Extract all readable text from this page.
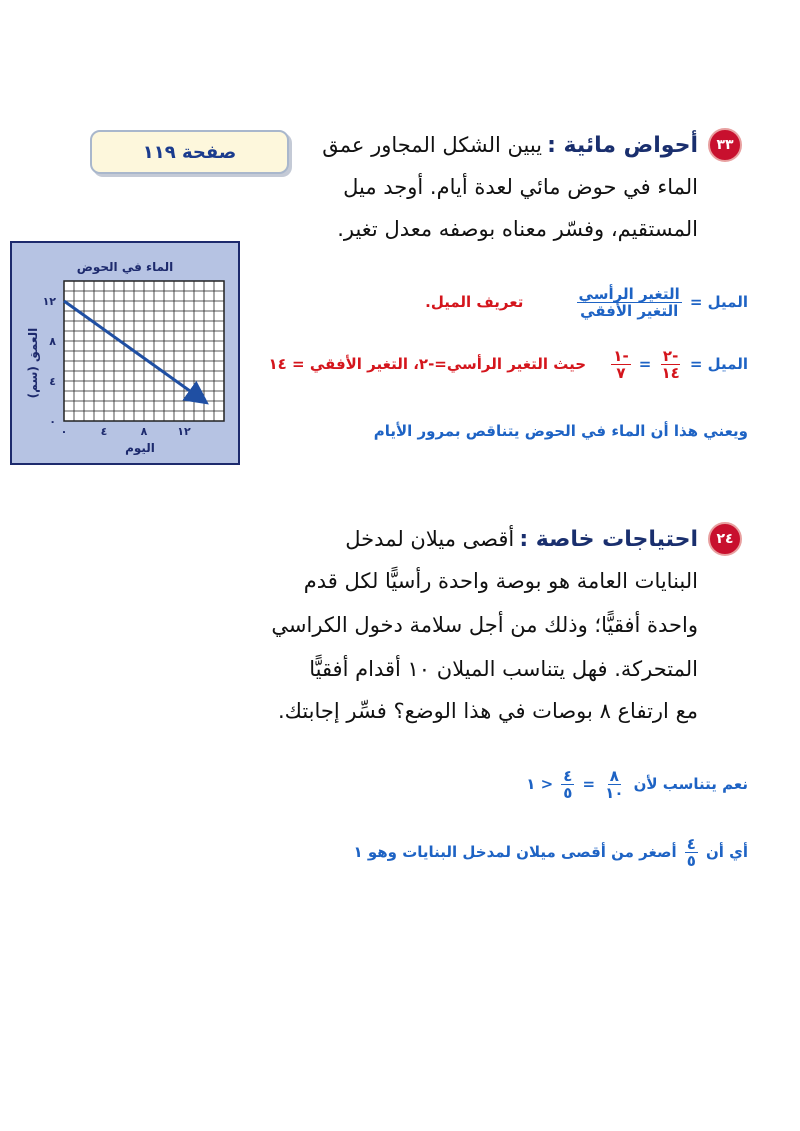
٣٣
أحواض مائية : يبين الشكل المجاور عمق
صفحة ١١٩
الماء في حوض مائي لعدة أيام. أوجد ميل
المستقيم، وفسّر معناه بوصفه معدل تغير.
الماء في الحوض
العمق (سم)
اليوم
١٢
٨
٤
٠
٠	٤	٨	١٢
الميل =
$\frac{\text{التغير الرأسي}}{\text{التغير الأفقي}}$
تعريف الميل.
الميل =
$\frac{-٢}{١٤}$
=
$\frac{-١}{٧}$
حيث التغير الرأسي=-٢، التغير الأفقي = ١٤
ويعني هذا أن الماء في الحوض يتناقص بمرور الأيام
٢٤
احتياجات خاصة : أقصى ميلان لمدخل
البنايات العامة هو بوصة واحدة رأسيًّا لكل قدم
واحدة أفقيًّا؛ وذلك من أجل سلامة دخول الكراسي
المتحركة. فهل يتناسب الميلان ١٠ أقدام أفقيًّا
مع ارتفاع ٨ بوصات في هذا الوضع؟ فسِّر إجابتك.
نعم يتناسب لأن
$\frac{٨}{١٠}$
=
$\frac{٤}{٥}$
< ١
أي أن
$\frac{٤}{٥}$
أصغر من أقصى ميلان لمدخل البنايات وهو ١
